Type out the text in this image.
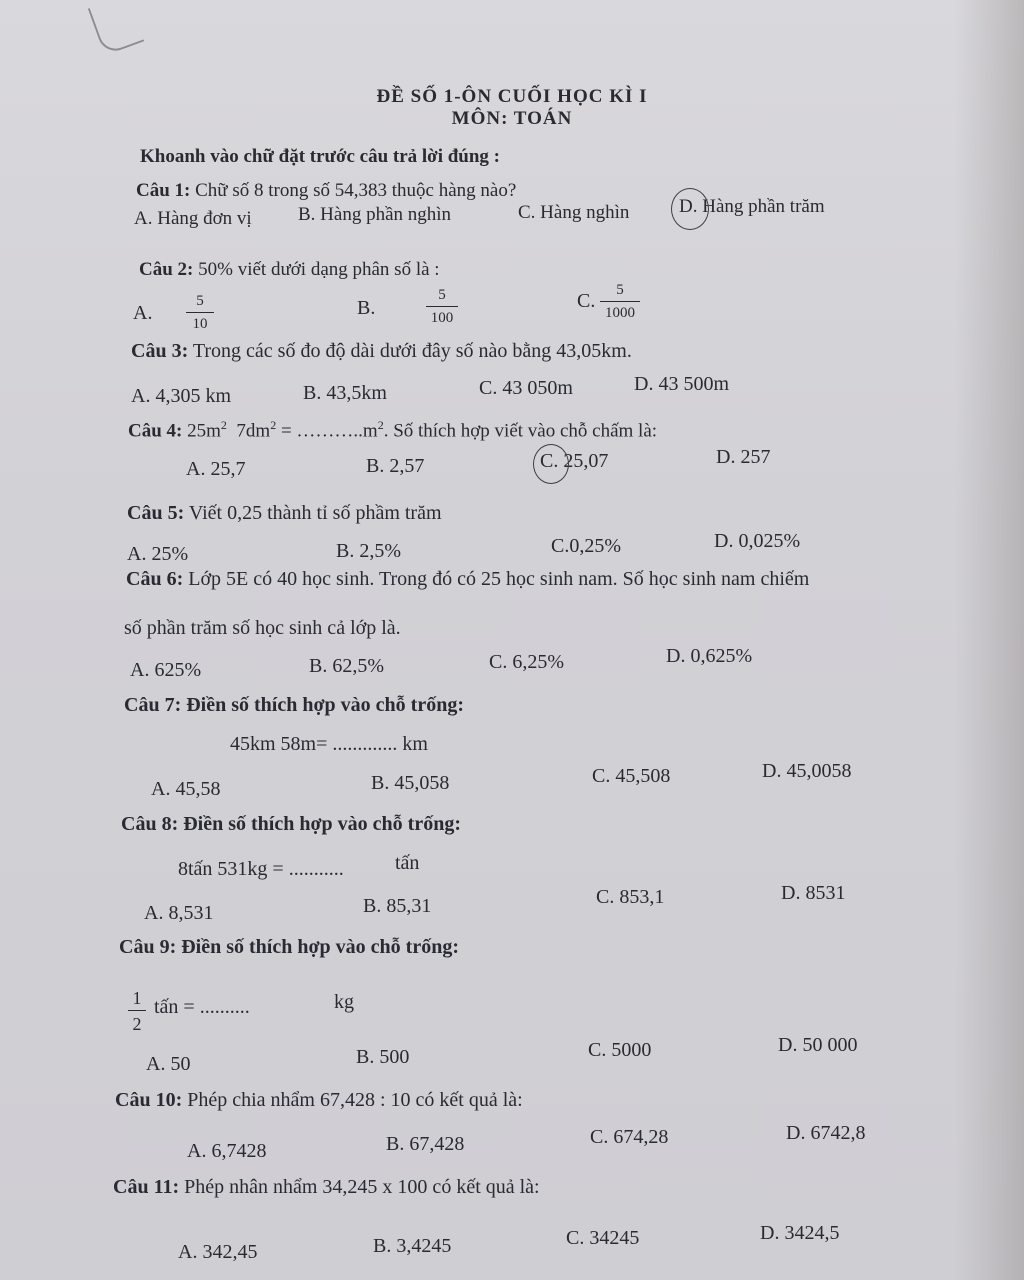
ĐỀ SỐ 1-ÔN CUỐI HỌC KÌ I
MÔN: TOÁN
Khoanh vào chữ đặt trước câu trả lời đúng :
Câu 1: Chữ số 8 trong số 54,383 thuộc hàng nào?
A. Hàng đơn vị B. Hàng phần nghìn	C. Hàng nghìn	D. Hàng phần trăm
Câu 2: 50% viết dưới dạng phân số là :
A. $\frac{5}{10}$	B.	$\frac{5}{100}$	C. $\frac{5}{1000}$
Câu 3: Trong các số đo độ dài dưới đây số nào bằng 43,05km.
A. 4,305 km	B. 43,5km	C. 43 050m	D. 43 500m
Câu 4: $25m^2$ $7dm^2$ = $\dots\dots\dots..m^2$. Số thích hợp viết vào chỗ chấm là:
A. 25,7	B. 2,57	C. 25,07	D. 257
Câu 5: Viết 0,25 thành tỉ số phầm trăm
A. 25%	B. 2,5%	C.0,25%	D. 0,025%
Câu 6: Lớp 5E có 40 học sinh. Trong đó có 25 học sinh nam. Số học sinh nam chiếm
số phần trăm số học sinh cả lớp là.
A. 625%	B. 62,5%	C. 6,25%	D. 0,625%
Câu 7: Điền số thích hợp vào chỗ trống:
45km 58m= ............. km
A. 45,58	B. 45,058	C. 45,508	D. 45,0058
Câu 8: Điền số thích hợp vào chỗ trống:
8tấn 531kg = ...........	tấn
A. 8,531	B. 85,31	C. 853,1	D. 8531
Câu 9: Điền số thích hợp vào chỗ trống:
$\frac{1}{2}$ tấn = ..........	kg
A. 50	B. 500	C. 5000	D. 50 000
Câu 10: Phép chia nhẩm 67,428 : 10 có kết quả là:
A. 6,7428	B. 67,428	C. 674,28	D. 6742,8
Câu 11: Phép nhân nhẩm 34,245 x 100 có kết quả là:
A. 342,45	B. 3,4245	C. 34245	D. 3424,5
